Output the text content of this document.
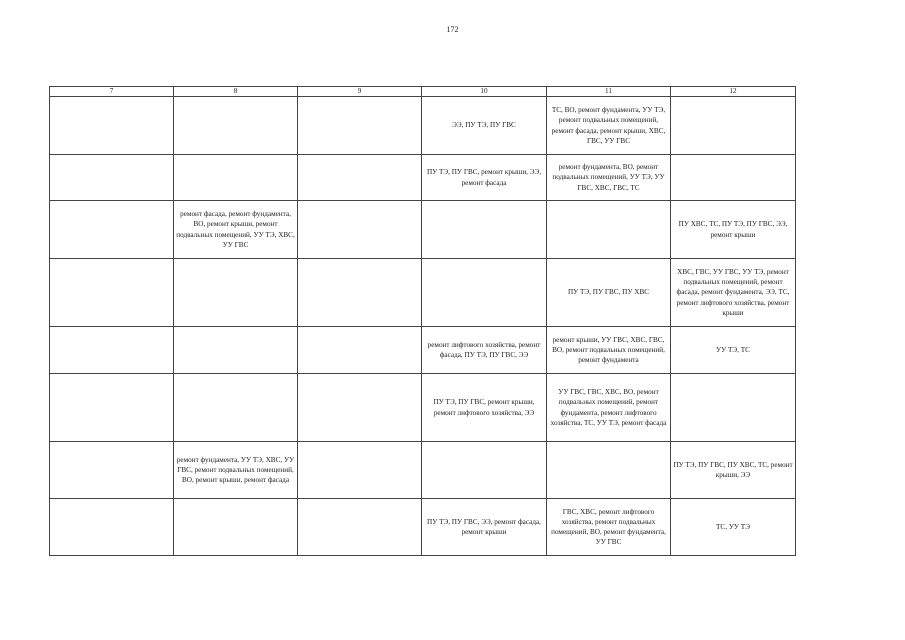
172
7	8	9	10	11	12
			ЭЭ, ПУ ТЭ, ПУ ГВС	ТС, ВО, ремонт фундамента, УУ ТЭ, ремонт подвальных помещений, ремонт фасада, ремонт крыши, ХВС, ГВС, УУ ГВС	
			ПУ ТЭ, ПУ ГВС, ремонт крыши, ЭЭ, ремонт фасада	ремонт фундамента, ВО, ремонт подвальных помещений, УУ ТЭ, УУ ГВС, ХВС, ГВС, ТС	
	ремонт фасада, ремонт фундамента, ВО, ремонт крыши, ремонт подвальных помещений, УУ ТЭ, ХВС, УУ ГВС				ПУ ХВС, ТС, ПУ ТЭ, ПУ ГВС, ЭЭ, ремонт крыши
				ПУ ТЭ, ПУ ГВС, ПУ ХВС	ХВС, ГВС, УУ ГВС, УУ ТЭ, ремонт подвальных помещений, ремонт фасада, ремонт фундамента, ЭЭ, ТС, ремонт лифтового хозяйства, ремонт крыши
			ремонт лифтового хозяйства, ремонт фасада, ПУ ТЭ, ПУ ГВС, ЭЭ	ремонт крыши, УУ ГВС, ХВС, ГВС, ВО, ремонт подвальных помещений, ремонт фундамента	УУ ТЭ, ТС
			ПУ ТЭ, ПУ ГВС, ремонт крыши, ремонт лифтового хозяйства, ЭЭ	УУ ГВС, ГВС, ХВС, ВО, ремонт подвальных помещений, ремонт фундамента, ремонт лифтового хозяйства, ТС, УУ ТЭ, ремонт фасада	
	ремонт фундамента, УУ ТЭ, ХВС, УУ ГВС, ремонт подвальных помещений, ВО, ремонт крыши, ремонт фасада				ПУ ТЭ, ПУ ГВС, ПУ ХВС, ТС, ремонт крыши, ЭЭ
			ПУ ТЭ, ПУ ГВС, ЭЭ, ремонт фасада, ремонт крыши	ГВС, ХВС, ремонт лифтового хозяйства, ремонт подвальных помещений, ВО, ремонт фундамента, УУ ГВС	ТС, УУ ТЭ
